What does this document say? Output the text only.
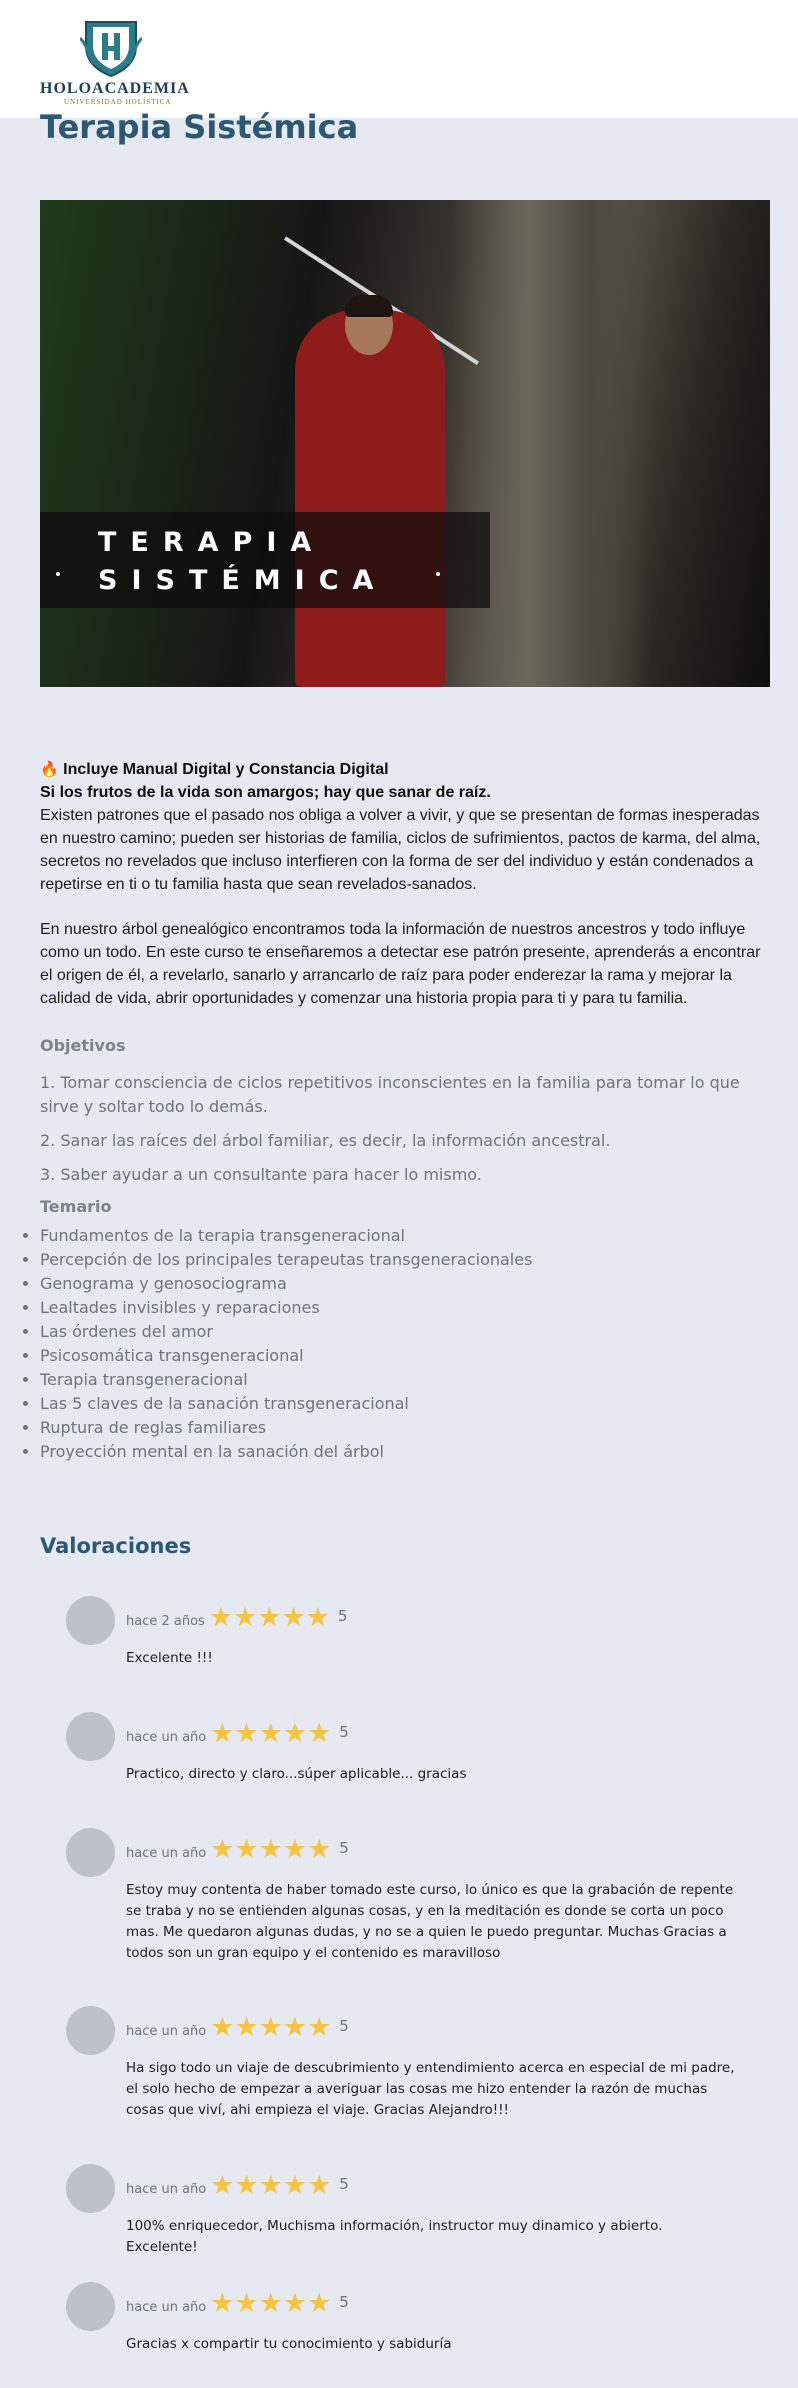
HOLOACADEMIA
UNIVERSIDAD HOLÍSTICA
Terapia Sistémica
TERAPIA
SISTÉMICA
🔥 Incluye Manual Digital y Constancia Digital
Si los frutos de la vida son amargos; hay que sanar de raíz.

Existen patrones que el pasado nos obliga a volver a vivir, y que se presentan de formas inesperadas en nuestro camino; pueden ser historias de familia, ciclos de sufrimientos, pactos de karma, del alma, secretos no revelados que incluso interfieren con la forma de ser del individuo y están condenados a repetirse en ti o tu familia hasta que sean revelados-sanados.

En nuestro árbol genealógico encontramos toda la información de nuestros ancestros y todo influye como un todo. En este curso te enseñaremos a detectar ese patrón presente, aprenderás a encontrar el origen de él, a revelarlo, sanarlo y arrancarlo de raíz para poder enderezar la rama y mejorar la calidad de vida, abrir oportunidades y comenzar una historia propia para ti y para tu familia.

Objetivos

1. Tomar consciencia de ciclos repetitivos inconscientes en la familia para tomar lo que sirve y soltar todo lo demás.

2. Sanar las raíces del árbol familiar, es decir, la información ancestral.

3. Saber ayudar a un consultante para hacer lo mismo.

Temario
• Fundamentos de la terapia transgeneracional
• Percepción de los principales terapeutas transgeneracionales
• Genograma y genosociograma
• Lealtades invisibles y reparaciones
• Las órdenes del amor
• Psicosomática transgeneracional
• Terapia transgeneracional
• Las 5 claves de la sanación transgeneracional
• Ruptura de reglas familiares
• Proyección mental en la sanación del árbol
Valoraciones
hace 2 años ★★★★★ 5

Excelente !!!

hace un año ★★★★★ 5

Practico, directo y claro...súper aplicable... gracias

hace un año ★★★★★ 5

Estoy muy contenta de haber tomado este curso, lo único es que la grabación de repente se traba y no se entienden algunas cosas, y en la meditación es donde se corta un poco mas. Me quedaron algunas dudas, y no se a quien le puedo preguntar. Muchas Gracias a todos son un gran equipo y el contenido es maravilloso

hace un año ★★★★★ 5

Ha sigo todo un viaje de descubrimiento y entendimiento acerca en especial de mi padre, el solo hecho de empezar a averiguar las cosas me hizo entender la razón de muchas cosas que viví, ahi empieza el viaje. Gracias Alejandro!!!

hace un año ★★★★★ 5

100% enriquecedor, Muchisma información, instructor muy dinamico y abierto. Excelente!

hace un año ★★★★★ 5

Gracias x compartir tu conocimiento y sabiduría
